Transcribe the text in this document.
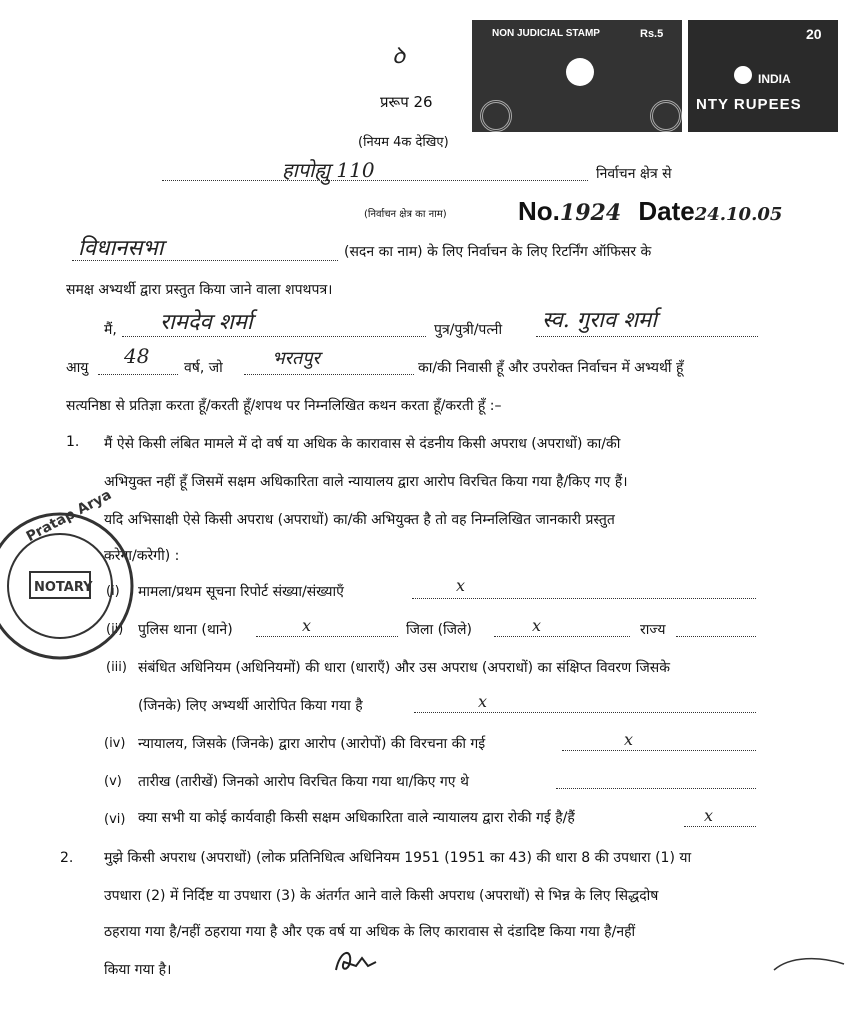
NON JUDICIAL STAMP	Rs.5	20
INDIA
NTY RUPEES
ꝺ
प्ररूप 26
(नियम 4क देखिए)
हापोह्यु 110	निर्वाचन क्षेत्र से
(निर्वाचन क्षेत्र का नाम)	No.1924 Date24.10.05
विधानसभा	(सदन का नाम) के लिए निर्वाचन के लिए रिटर्निंग ऑफिसर के
समक्ष अभ्यर्थी द्वारा प्रस्तुत किया जाने वाला शपथपत्र।
मैं, रामदेव शर्मा	पुत्र/पुत्री/पत्नी स्व. गुराव शर्मा
आयु 48 वर्ष, जो	भरतपुर	का/की निवासी हूँ और उपरोक्त निर्वाचन में अभ्यर्थी हूँ
सत्यनिष्ठा से प्रतिज्ञा करता हूँ/करती हूँ/शपथ पर निम्नलिखित कथन करता हूँ/करती हूँ :–
1. मैं ऐसे किसी लंबित मामले में दो वर्ष या अधिक के कारावास से दंडनीय किसी अपराध (अपराधों) का/की
अभियुक्त नहीं हूँ जिसमें सक्षम अधिकारिता वाले न्यायालय द्वारा आरोप विरचित किया गया है/किए गए हैं।
यदि अभिसाक्षी ऐसे किसी अपराध (अपराधों) का/की अभियुक्त है तो वह निम्नलिखित जानकारी प्रस्तुत
करेगा/करेगी) :
(i) मामला/प्रथम सूचना रिपोर्ट संख्या/संख्याएँ	x
(ii) पुलिस थाना (थाने)	x	जिला (जिले)	x	राज्य
(iii) संबंधित अधिनियम (अधिनियमों) की धारा (धाराएँ) और उस अपराध (अपराधों) का संक्षिप्त विवरण जिसके
(जिनके) लिए अभ्यर्थी आरोपित किया गया है	x
(iv) न्यायालय, जिसके (जिनके) द्वारा आरोप (आरोपों) की विरचना की गई	x
(v) तारीख (तारीखें) जिनको आरोप विरचित किया गया था/किए गए थे
(vi) क्या सभी या कोई कार्यवाही किसी सक्षम अधिकारिता वाले न्यायालय द्वारा रोकी गई है/हैं	x
2. मुझे किसी अपराध (अपराधों) (लोक प्रतिनिधित्व अधिनियम 1951 (1951 का 43) की धारा 8 की उपधारा (1) या
उपधारा (2) में निर्दिष्ट या उपधारा (3) के अंतर्गत आने वाले किसी अपराध (अपराधों) से भिन्न के लिए सिद्धदोष
ठहराया गया है/नहीं ठहराया गया है और एक वर्ष या अधिक के लिए कारावास से दंडादिष्ट किया गया है/नहीं
किया गया है।
Pratap Arya
NOTARY
